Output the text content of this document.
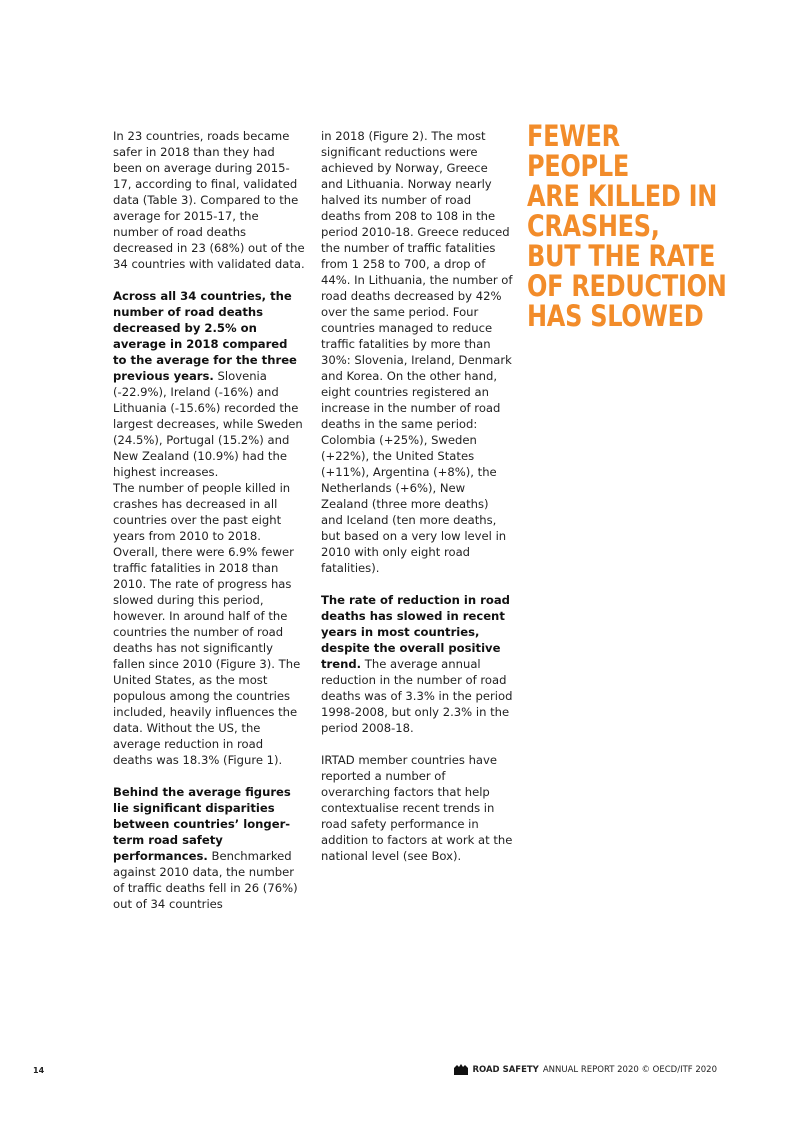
In 23 countries, roads became safer in 2018 than they had been on average during 2015-17, according to final, validated data (Table 3). Compared to the average for 2015-17, the number of road deaths decreased in 23 (68%) out of the 34 countries with validated data.

Across all 34 countries, the number of road deaths decreased by 2.5% on average in 2018 compared to the average for the three previous years. Slovenia (-22.9%), Ireland (-16%) and Lithuania (-15.6%) recorded the largest decreases, while Sweden (24.5%), Portugal (15.2%) and New Zealand (10.9%) had the highest increases.

The number of people killed in crashes has decreased in all countries over the past eight years from 2010 to 2018. Overall, there were 6.9% fewer traffic fatalities in 2018 than 2010. The rate of progress has slowed during this period, however. In around half of the countries the number of road deaths has not significantly fallen since 2010 (Figure 3). The United States, as the most populous among the countries included, heavily influences the data. Without the US, the average reduction in road deaths was 18.3% (Figure 1).

Behind the average figures lie significant disparities between countries’ longer-term road safety performances. Benchmarked against 2010 data, the number of traffic deaths fell in 26 (76%) out of 34 countries

in 2018 (Figure 2). The most significant reductions were achieved by Norway, Greece and Lithuania. Norway nearly halved its number of road deaths from 208 to 108 in the period 2010-18. Greece reduced the number of traffic fatalities from 1 258 to 700, a drop of 44%. In Lithuania, the number of road deaths decreased by 42% over the same period. Four countries managed to reduce traffic fatalities by more than 30%: Slovenia, Ireland, Denmark and Korea. On the other hand, eight countries registered an increase in the number of road deaths in the same period: Colombia (+25%), Sweden (+22%), the United States (+11%), Argentina (+8%), the Netherlands (+6%), New Zealand (three more deaths) and Iceland (ten more deaths, but based on a very low level in 2010 with only eight road fatalities).

The rate of reduction in road deaths has slowed in recent years in most countries, despite the overall positive trend. The average annual reduction in the number of road deaths was of 3.3% in the period 1998-2008, but only 2.3% in the period 2008-18.

IRTAD member countries have reported a number of overarching factors that help contextualise recent trends in road safety performance in addition to factors at work at the national level (see Box).

FEWER PEOPLE
ARE KILLED IN
CRASHES,
BUT THE RATE
OF REDUCTION
HAS SLOWED
14	ROAD SAFETY ANNUAL REPORT 2020 © OECD/ITF 2020
